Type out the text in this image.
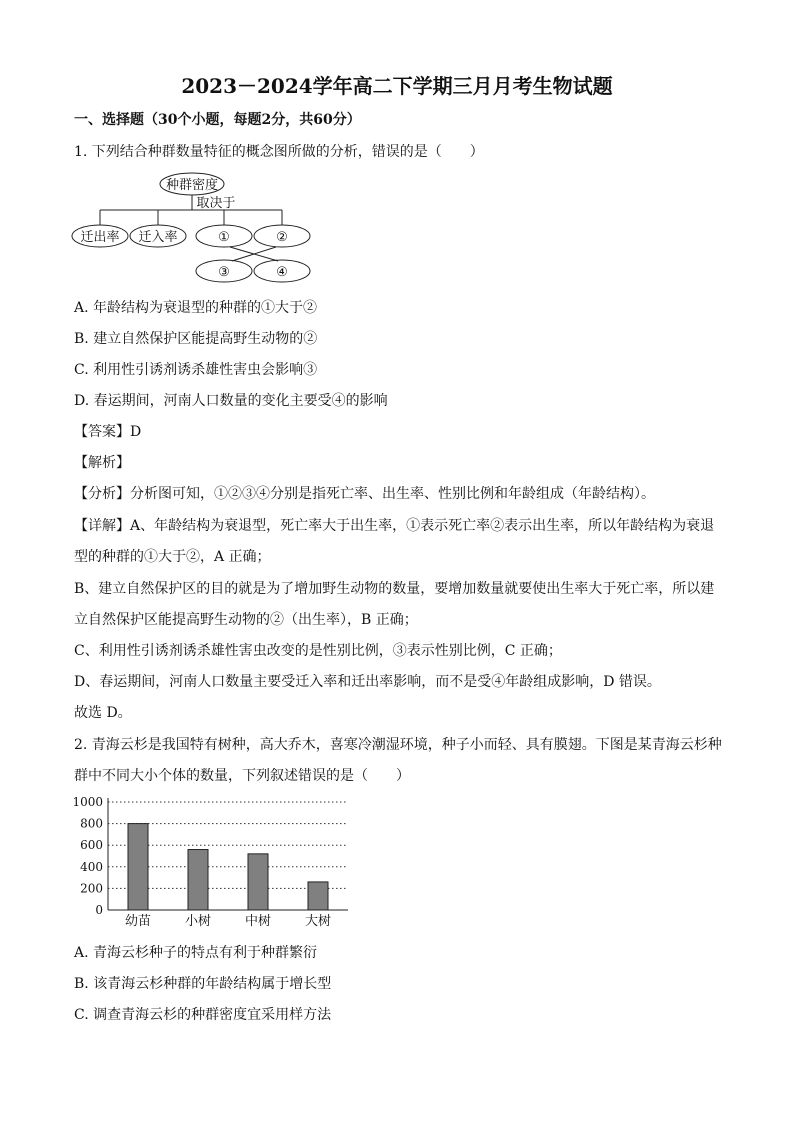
2023－2024学年高二下学期三月月考生物试题
一、选择题（30个小题，每题2分，共60分）
1. 下列结合种群数量特征的概念图所做的分析，错误的是（　　）
种群密度
取决于
迁出率 迁入率	①	②
③	④
A. 年龄结构为衰退型的种群的①大于②
B. 建立自然保护区能提高野生动物的②
C. 利用性引诱剂诱杀雄性害虫会影响③
D. 春运期间，河南人口数量的变化主要受④的影响
【答案】D
【解析】
【分析】分析图可知，①②③④分别是指死亡率、出生率、性别比例和年龄组成（年龄结构）。
【详解】A、年龄结构为衰退型，死亡率大于出生率，①表示死亡率②表示出生率，所以年龄结构为衰退
型的种群的①大于②，A 正确；
B、建立自然保护区的目的就是为了增加野生动物的数量，要增加数量就要使出生率大于死亡率，所以建
立自然保护区能提高野生动物的②（出生率），B 正确；
C、利用性引诱剂诱杀雄性害虫改变的是性别比例，③表示性别比例，C 正确；
D、春运期间，河南人口数量主要受迁入率和迁出率影响，而不是受④年龄组成影响，D 错误。
故选 D。
2. 青海云杉是我国特有树种，高大乔木，喜寒冷潮湿环境，种子小而轻、具有膜翅。下图是某青海云杉种
群中不同大小个体的数量，下列叙述错误的是（　　）
0
200
400
600
800
1000
幼苗	小树	中树	大树
A. 青海云杉种子的特点有利于种群繁衍
B. 该青海云杉种群的年龄结构属于增长型
C. 调查青海云杉的种群密度宜采用样方法
